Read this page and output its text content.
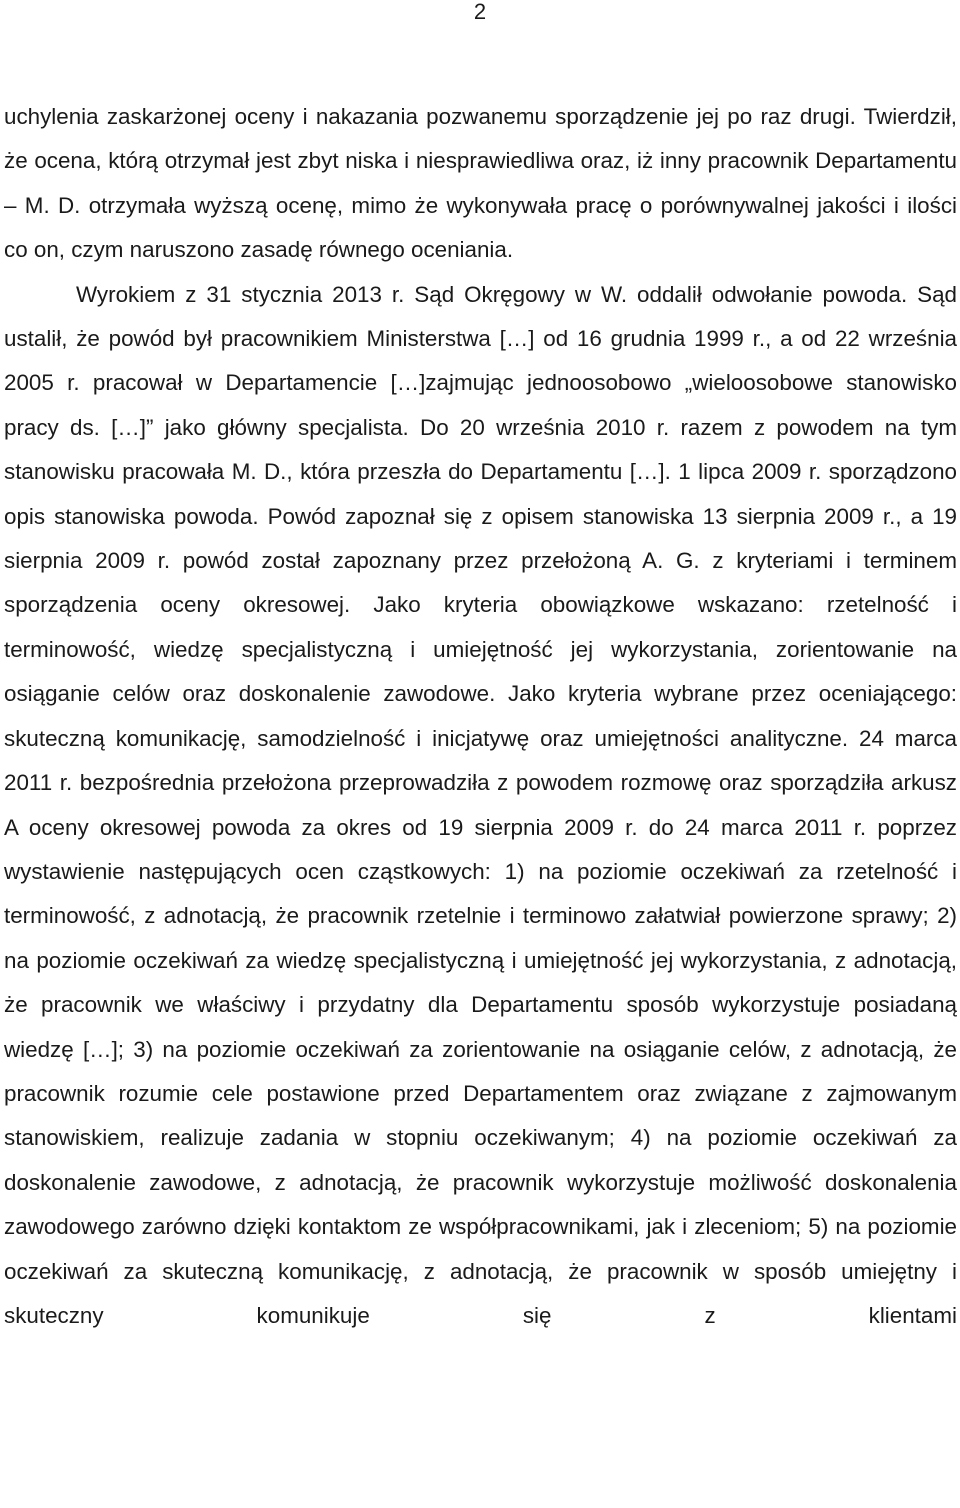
2

uchylenia zaskarżonej oceny i nakazania pozwanemu sporządzenie jej po raz drugi. Twierdził, że ocena, którą otrzymał jest zbyt niska i niesprawiedliwa oraz, iż inny pracownik Departamentu – M. D. otrzymała wyższą ocenę, mimo że wykonywała pracę o porównywalnej jakości i ilości co on, czym naruszono zasadę równego oceniania.

Wyrokiem z 31 stycznia 2013 r. Sąd Okręgowy w W. oddalił odwołanie powoda. Sąd ustalił, że powód był pracownikiem Ministerstwa […] od 16 grudnia 1999 r., a od 22 września 2005 r. pracował w Departamencie […]zajmując jednoosobowo „wieloosobowe stanowisko pracy ds. […]” jako główny specjalista. Do 20 września 2010 r. razem z powodem na tym stanowisku pracowała M. D., która przeszła do Departamentu […]. 1 lipca 2009 r. sporządzono opis stanowiska powoda. Powód zapoznał się z opisem stanowiska 13 sierpnia 2009 r., a 19 sierpnia 2009 r. powód został zapoznany przez przełożoną A. G. z kryteriami i terminem sporządzenia oceny okresowej. Jako kryteria obowiązkowe wskazano: rzetelność i terminowość, wiedzę specjalistyczną i umiejętność jej wykorzystania, zorientowanie na osiąganie celów oraz doskonalenie zawodowe. Jako kryteria wybrane przez oceniającego: skuteczną komunikację, samodzielność i inicjatywę oraz umiejętności analityczne. 24 marca 2011 r. bezpośrednia przełożona przeprowadziła z powodem rozmowę oraz sporządziła arkusz A oceny okresowej powoda za okres od 19 sierpnia 2009 r. do 24 marca 2011 r. poprzez wystawienie następujących ocen cząstkowych: 1) na poziomie oczekiwań za rzetelność i terminowość, z adnotacją, że pracownik rzetelnie i terminowo załatwiał powierzone sprawy; 2) na poziomie oczekiwań za wiedzę specjalistyczną i umiejętność jej wykorzystania, z adnotacją, że pracownik we właściwy i przydatny dla Departamentu sposób wykorzystuje posiadaną wiedzę […]; 3) na poziomie oczekiwań za zorientowanie na osiąganie celów, z adnotacją, że pracownik rozumie cele postawione przed Departamentem oraz związane z zajmowanym stanowiskiem, realizuje zadania w stopniu oczekiwanym; 4) na poziomie oczekiwań za doskonalenie zawodowe, z adnotacją, że pracownik wykorzystuje możliwość doskonalenia zawodowego zarówno dzięki kontaktom ze współpracownikami, jak i zleceniom; 5) na poziomie oczekiwań za skuteczną komunikację, z adnotacją, że pracownik w sposób umiejętny i skuteczny komunikuje się z klientami
